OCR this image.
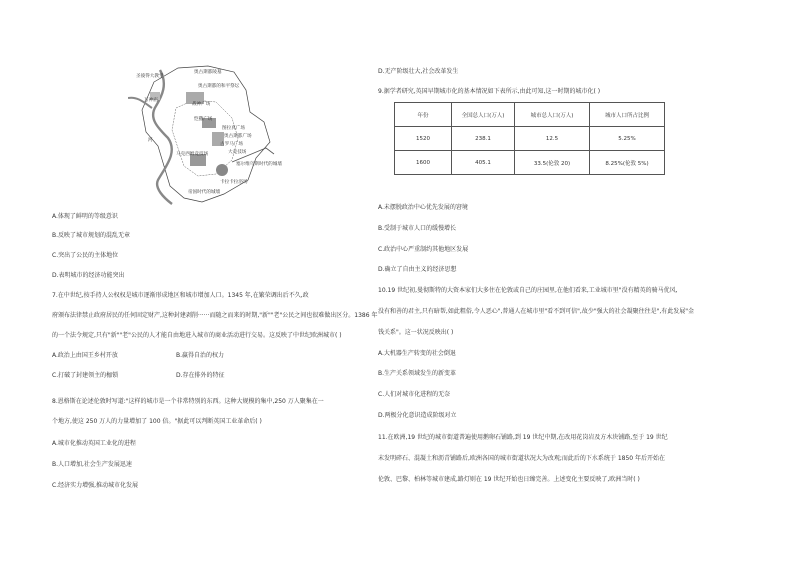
圣彼得大教堂
奥古斯都陵墓
奥古斯都的和平祭坛
万神庙
战神广场
恺撒广场
图拉真广场
奥古斯都广场
古罗马广场
大竞技场
马克西姆竞技场
卡拉卡拉浴场
帝国时代的城墙
塞尔维乌斯时代的城墙
河
A.体现了鲜明的等级意识
B.反映了城市规划的混乱无章
C.突出了公民的主体地位
D.表明城市的经济功能突出
7.在中世纪,按手持人公权权是城市逐渐形成地区和城市增加人口。1345 年,在繁荣调出后不久,政
府颁布法律禁止政府居民的任何固定财产,这种封建剥削······而随之而来的时期,"新""老"公民之间也很难做出区分。1386 年
的一个法令规定,只有"新""老"公民的人才能自由地进入城市的商业活动进行交易。这反映了中世纪欧洲城市( )
A.政治上由国王乡村开放	B.赢得自治的权力
C.打破了封建领主的枷锁	D.存在排外的特征
8.恩格斯在论述伦敦时写道:"这样的城市是一个非常特别的东西。这种大规模的集中,250 万人聚集在一
个地方,使这 250 万人的力量增加了 100 倍。"据此可以判断英国工业革命后( )
A.城市化推动英国工业化的进程
B.人口增加,社会生产发展迅速
C.经济实力增强,推动城市化发展
D.无产阶级壮大,社会改革发生
9.据学者研究,英国早期城市化的基本情况如下表所示,由此可知,这一时期的城市化( )
年份	全国总人口(万人)	城市总人口(万人)	城市人口所占比例
1520	238.1	12.5	5.25%
1600	405.1	33.5(伦敦 20)	8.25%(伦敦 5%)
A.未摆脱政治中心优先发展的窘境
B.受制于城市人口的缓慢增长
C.政治中心严重制约其他地区发展
D.确立了自由主义的经济思想
10.19 世纪初,曼彻斯特的大资本家们大多住在伦敦或自己的庄园里,在他们看来,工业城市里"没有精英的骑马优风,
没有和善的君主,只有暗帮,如此粗俗,令人恶心",普通人在城市里"看不到可信",故少"强大的社会凝聚往往是",有此发展"金
钱关系"。这一状况反映出( )
A.大机器生产转变的社会倒退
B.生产关系领域发生的新变革
C.人们对城市化进程的无奈
D.两极分化意识造成阶级对立
11.在欧洲,19 世纪的城市街道普遍使用鹅卵石铺路,到 19 世纪中期,在改用花岗岩及方木块铺路,至于 19 世纪
末发明碎石、混凝土和沥青铺路后,欧洲各国的城市街道状况大为改观;而此后的下水系统于 1850 年后开始在
伦敦、巴黎、柏林等城市建成,路灯则在 19 世纪开始也日臻完善。上述变化主要反映了,欧洲当时( )
